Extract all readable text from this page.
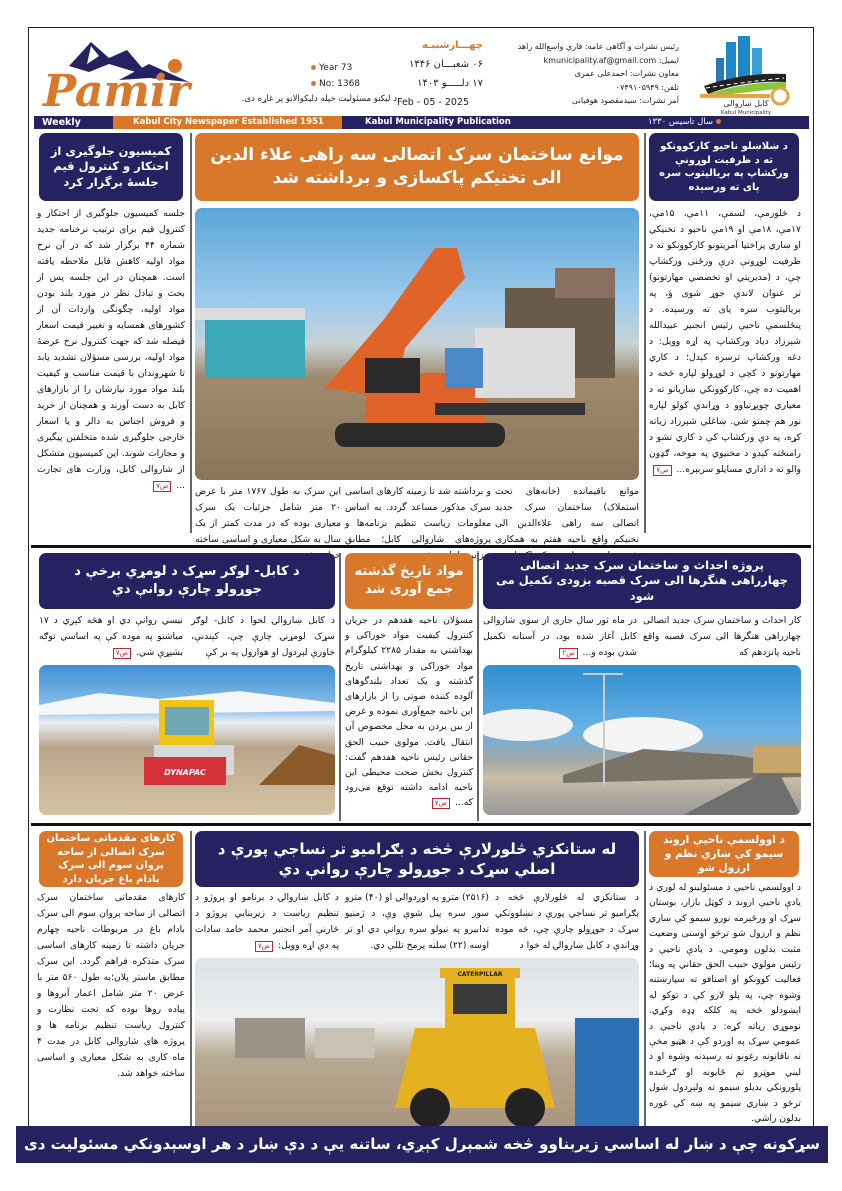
Pamir	Year 73
No: 1368
د لیکنو مسئولیت خپله دلیکوالانو پر غاړه دی.
چهـــارشنبـه
۰۶ شعبـــان ۱۴۴۶
۱۷ دلـــــو ۱۴۰۳
Feb - 05 - 2025
رئیس نشرات و آگاهی عامه: قاري واسع‌الله زاهد
ایمیل: kmunicipality.af@gmail.com
معاون نشرات: احمدعلی عمری
تلفن: ۰۷۴۹۱۰۵۹۴۹
آمر نشرات: سیدمقصود هوفیانی	کابل ښاروالی
Kabul Municipality
Weekly	Kabul City Newspaper Established 1951	Kabul Municipality Publication	سال تاسیس ۱۳۳۰
کمیسیون جلوگیری از احتکار و کنترول قیم جلسهٔ برگزار کرد
جلسه کمیسیون جلوگیری از احتکار و کنترول قیم برای ترتیب نرخنامه جدید شماره ۴۴ برگزار شد که در آن نرخ مواد اولیه کاهش قابل ملاحظه یافته است. همچنان در این جلسه پس از بحث و تبادل نظر در مورد بلند بودن مواد اولیه، چگونگی واردات آن از کشورهای همسایه و تغییر قیمت اسعار فیصله شد که جهت کنترول نرخ عرضهٔ مواد اولیه، بررسی مسؤلان تشدید یابد تا شهروندان با قیمت مناسب و کیفیت بلند مواد مورد نیازشان را از بازارهای کابل به دست آورند و همچنان از خرید و فروش اجناس به دالر و یا اسعار خارجی جلوگیری شده متخلفین پیگیری و مجازات شوند. این کمیسیون متشکل از شاروالی کابل، وزارت های تجارت ... ص۷
موانع ساختمان سرک اتصالی سه راهی علاء الدین الی تخنیکم پاکسازی و برداشته شد
این سرک به طول ۱۷۶۷ متر با عرض ۲۰ متر شامل جزئیات یک سرک معیاری بوده که در مدت کمتر از یک سال به شکل معیاری و اساسی ساخته
و برداشته شد تا زمینه کارهای اساسی سرک مذکور مساعد گردد. به اساس معلومات ریاست تنظیم برنامه‌ها و پروژه‌های شاروالی کابل؛ مطابق دیزاین
موانع باقیمانده (خانه‌های تحت استملاک) ساختمان سرک جدید اتصالی سه راهی علاءالدین الی تخنیکم واقع ناحیه هفتم به همکاری
د ښلاښلو ناحیو کارکوونکو ته د ظرفیت لوړونې ورکشاپ په بریالیتوب سره پای ته ورسېده
د څلورمې، لسمې، ۱۱مې، ۱۵مې، ۱۷مې، ۱۸مې او ۱۹مې ناحیو د تخنیکي او ښاري پراختیا آمریتونو کارکوونکو ته د ظرفیت لوړونې درې ورځنی ورکشاپ چې، د (مدیریتي او تخصصي مهارتونو) تر عنوان لاندې جوړ شوی ؤ، په بریالیتوب سره پای ته ورسېده. د پنځلسمې ناحیې رئیس انجنیر عبیدالله شېرزاد دیاد ورکشاپ په اړه وویل: د دغه ورکشاپ ترسره کېدل؛ د کاري مهارتونو د کچې د لوړولو لپاره څخه د اهمیت ده چې، کارکوونکي ښاریانو ته د معیاري چوپړتیاوو د وړاندې کولو لپاره نور هم چمتو شي. ښاغلي شېرزاد زیاته کړه، په دې ورکشاپ کې د کاري تشو د رامنځته کېدو د مخنیوي په موخه، ګډون والو ته د اداري مسایلو سربېره... ص۷
د کابل- لوګر سړک د لومړي برخې د جوړولو چارې روانې دي
نیسي روانې دي او هڅه کېږي د ۱۷ میاشتو په موده کې په اساسي توګه بشپړې شي. ص۷
د کابل ښاروالۍ لخوا د کابل- لوګر سړک لومړنۍ چارې چې، کېندنې، خاورې لېږدول او هوارول په بر کې
DYNAPAC
مواد تاریخ گذشته جمع آوری شد
مسؤلان ناحیه هفدهم در جریان کنترول کیفیت مواد خوراکی و بهداشتي به مقدار ۲۲۸۵ کیلوگرام مواد خوراکی و بهداشتی تاریخ گذشته و یک تعداد بلندگوهای آلوده کننده صوتی را از بازارهای این ناحیه جمع‌آوری نموده و غرض از بین بردن به محل مخصوص آن انتقال یافت. مولوی حبیب الحق حقانی رئیس ناحیه هفدهم گفت: کنترول بخش صحت محیطی این ناحیه ادامه داشته توقع می‌رود که... ص۷
پروژه احداث و ساختمان سرک جدید اتصالی چهارراهی هنگرها الی سرک قصبه بزودی تکمیل می شود
در ماه ثور سال جاری از سوی شاروالی کابل آغاز شده بود، در آستانه تکمیل شدن بوده و... ص۲
کار احداث و ساختمان سرک جدید اتصالی چهارراهی هنگرها الی سرک قصبه واقع ناحیه پانزدهم که
کارهای مقدماتی ساختمان سرک اتصالی از ساحه پروان سوم الی سرک بادام باغ جریان دارد
کارهای مقدماتی ساختمان سرک اتصالی از ساحه پروان سوم الی سرک بادام باغ در مربوطات ناحیه چهارم جریان داشته تا زمینه کارهای اساسی سرک متذکره فراهم گردد. این سرک مطابق ماستر پلان؛به طول ۵۶۰ متر با عرض ۲۰ متر شامل اعمار آبروها و پیاده روها بوده که تحت نظارت و کنترول ریاست تنظیم برنامه ها و پروژه های شاروالی کابل در مدت ۴ ماه کاری به شکل معیاری و اساسی ساخته خواهد شد.
له ستانکزي څلورلارې څخه د بګرامیو تر نساجي پورې د اصلي سړک د جوړولو چارې روانې دي
د کابل ښاروالۍ د برنامو او پروژو د تنظیم ریاست د زیربنایي پروژو د څارنې آمر انجنیر محمد حامد سادات په دې اړه وویل: ص۷
(۲۵۱۶) مترو په اوږدوالي او (۴۰) مترو سور سره پیل شوې وې، د ژمنیو تدابیرو په نیولو سره روانې دي او تر اوسه (۲۲) سلنه پرمخ تللې دي.
د ستانکزي له څلورلارې څخه د بګرامیو تر نساجي پورې د نښلوونکي سړک د جوړولو چارې چې، څه موده وړاندې د کابل ښاروالۍ له خوا د
CATERPILLAR
د اوولسمې ناحیې اروند سیمو کې ښاري نظم و ارزول شو
د اوولسمې ناحیې د مسئولینو له لوري د یادې ناحیې اروند د کوټل بازار، بوستان سړک او ورځېرمه نورو سیمو کې ښاري نظم و ارزول شو ترڅو اوسنی وضعیت مثبت بدلون ومومي. د یادې ناحیې د رئیس مولوي حبیب الحق حقاني په وینا؛ فعالیت کوونکو او اصنافو ته سپارښتنه وشوه چې، په پلو لارو کې د توکو له اېښودلو څخه په کلکه ډډه وکړي. نوموړي زیاته کړه: د یادې ناحیې د عمومي سړک په اوږدو کې د هټیو مخې ته ناقانونه رغونو ته رسېدنه وشوه او د لیني موټرو تم ځایونه او ګرځنده پلورونکي بدیلو سیمو ته ولېږدول شول ترڅو د ښاري سیمو په ښه کې غوره بدلون راشي.
سړکونه چې د ښار له اساسي زیربناوو څخه شمېرل کېږي، ساتنه یې د دې ښار د هر اوسېدونکي مسئولیت دی
